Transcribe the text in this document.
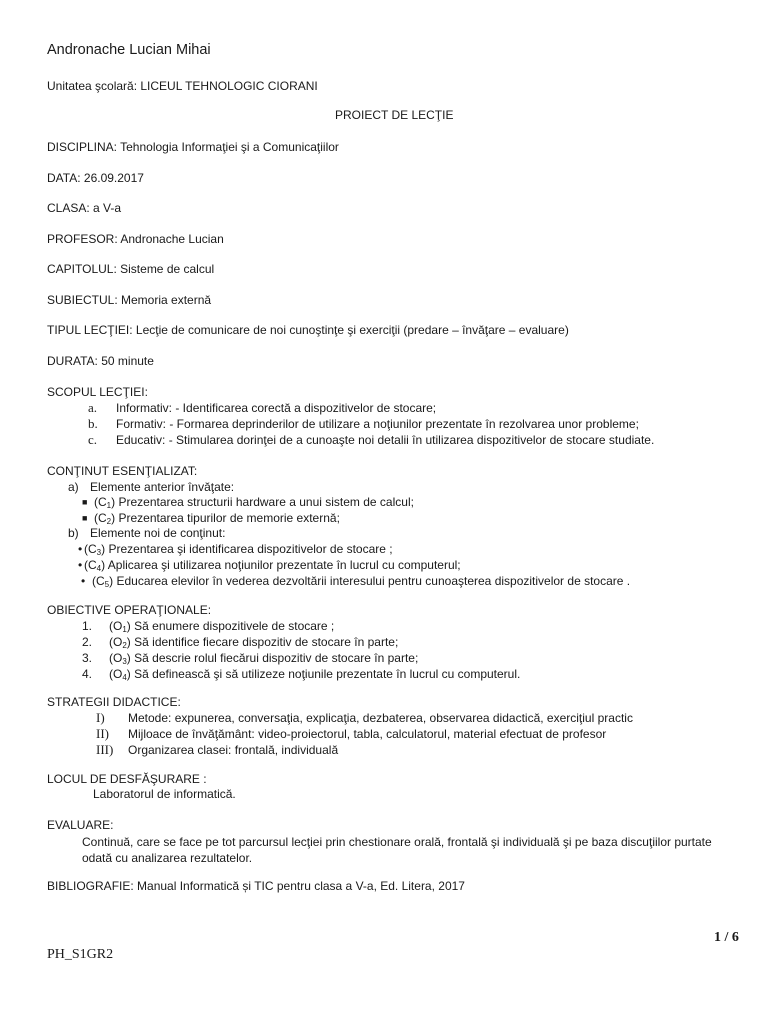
Andronache Lucian Mihai
Unitatea şcolară: LICEUL TEHNOLOGIC CIORANI
PROIECT DE LECŢIE
DISCIPLINA: Tehnologia Informaţiei şi a Comunicaţiilor
DATA: 26.09.2017
CLASA: a V-a
PROFESOR: Andronache Lucian
CAPITOLUL: Sisteme de calcul
SUBIECTUL: Memoria externă
TIPUL LECŢIEI: Lecţie de comunicare de noi cunoştinţe şi exerciţii (predare – învăţare – evaluare)
DURATA: 50 minute
SCOPUL LECŢIEI:
a. Informativ: - Identificarea corectă a dispozitivelor de stocare;
b. Formativ: - Formarea deprinderilor de utilizare a noţiunilor prezentate în rezolvarea unor probleme;
c. Educativ: - Stimularea dorinţei de a cunoaşte noi detalii în utilizarea dispozitivelor de stocare studiate.
CONŢINUT ESENŢIALIZAT:
a) Elemente anterior învăţate:
■ $(C_1)$ Prezentarea structurii hardware a unui sistem de calcul;
■ $(C_2)$ Prezentarea tipurilor de memorie externă;
b) Elemente noi de conţinut:
• $(C_3)$ Prezentarea şi identificarea dispozitivelor de stocare ;
• $(C_4)$ Aplicarea şi utilizarea noţiunilor prezentate în lucrul cu computerul;
• $(C_5)$ Educarea elevilor în vederea dezvoltării interesului pentru cunoaşterea dispozitivelor de stocare .
OBIECTIVE OPERAŢIONALE:
1. $(O_1)$ Să enumere dispozitivele de stocare ;
2. $(O_2)$ Să identifice fiecare dispozitiv de stocare în parte;
3. $(O_3)$ Să descrie rolul fiecărui dispozitiv de stocare în parte;
4. $(O_4)$ Să definească şi să utilizeze noţiunile prezentate în lucrul cu computerul.
STRATEGII DIDACTICE:
I) Metode: expunerea, conversaţia, explicaţia, dezbaterea, observarea didactică, exerciţiul practic
II) Mijloace de învăţământ: video-proiectorul, tabla, calculatorul, material efectuat de profesor
III) Organizarea clasei: frontală, individuală
LOCUL DE DESFĂŞURARE :
Laboratorul de informatică.
EVALUARE:
Continuă, care se face pe tot parcursul lecţiei prin chestionare orală, frontală şi individuală şi pe baza discuţiilor purtate odată cu analizarea rezultatelor.
BIBLIOGRAFIE: Manual Informatică și TIC pentru clasa a V-a, Ed. Litera, 2017
1 / 6
PH_S1GR2
